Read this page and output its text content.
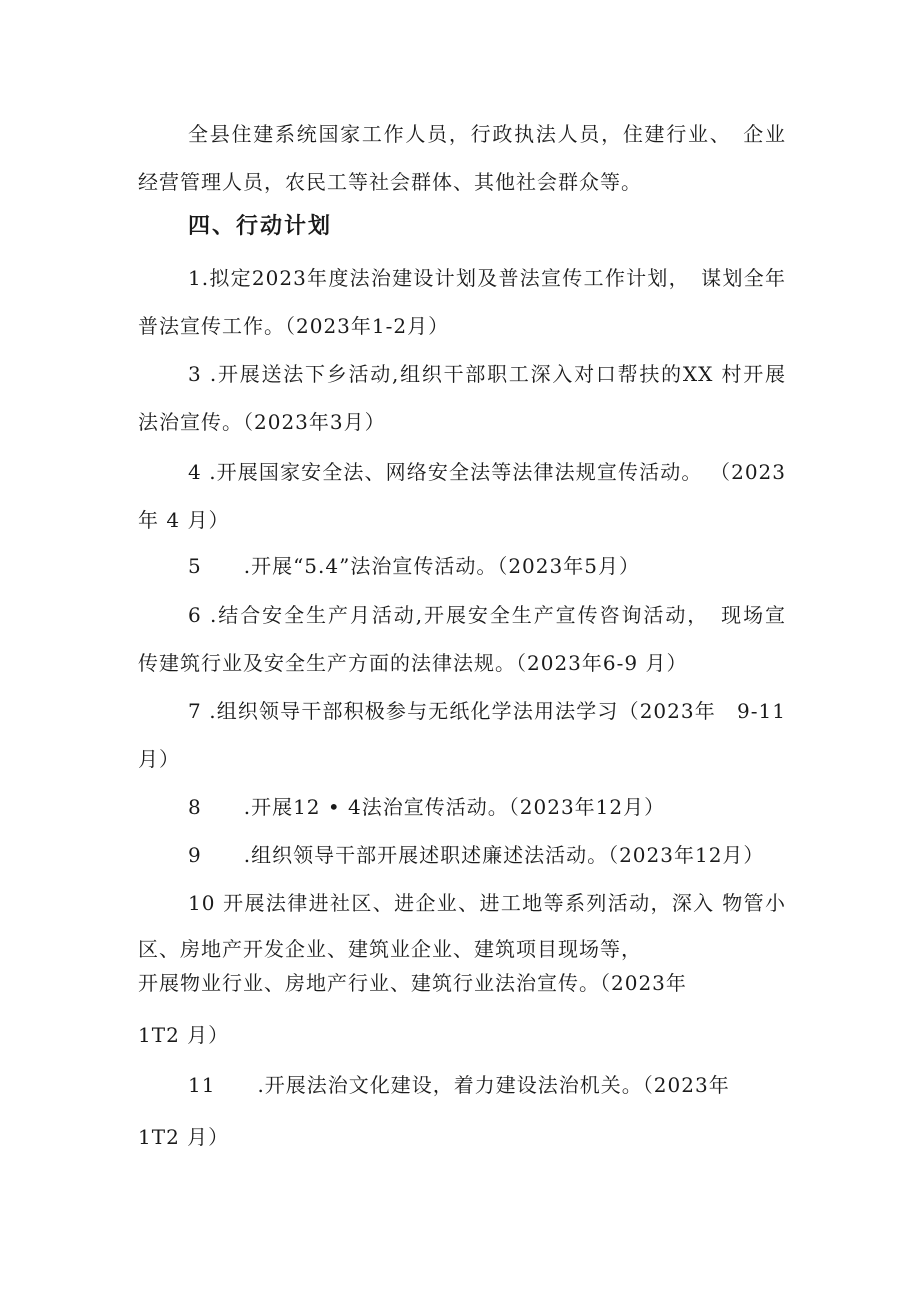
全县住建系统国家工作人员，行政执法人员，住建行业、　企业
经营管理人员，农民工等社会群体、其他社会群众等。
四、行动计划
1.拟定2023年度法治建设计划及普法宣传工作计划，　谋划全年
普法宣传工作。（2023年1-2月）
3 .开展送法下乡活动,组织干部职工深入对口帮扶的XX 村开展
法治宣传。（2023年3月）
4 .开展国家安全法、网络安全法等法律法规宣传活动。 （2023
年 4 月）
5　　.开展“5.4”法治宣传活动。（2023年5月）
6 .结合安全生产月活动,开展安全生产宣传咨询活动，　现场宣
传建筑行业及安全生产方面的法律法规。（2023年6-9 月）
7 .组织领导干部积极参与无纸化学法用法学习（2023年　9-11
月）
8　　.开展12 • 4法治宣传活动。（2023年12月）
9　　.组织领导干部开展述职述廉述法活动。（2023年12月）
10 开展法律进社区、进企业、进工地等系列活动，深入 物管小
区、房地产开发企业、建筑业企业、建筑项目现场等，
开展物业行业、房地产行业、建筑行业法治宣传。（2023年
1T2 月）
11　　.开展法治文化建设，着力建设法治机关。（2023年
1T2 月）
